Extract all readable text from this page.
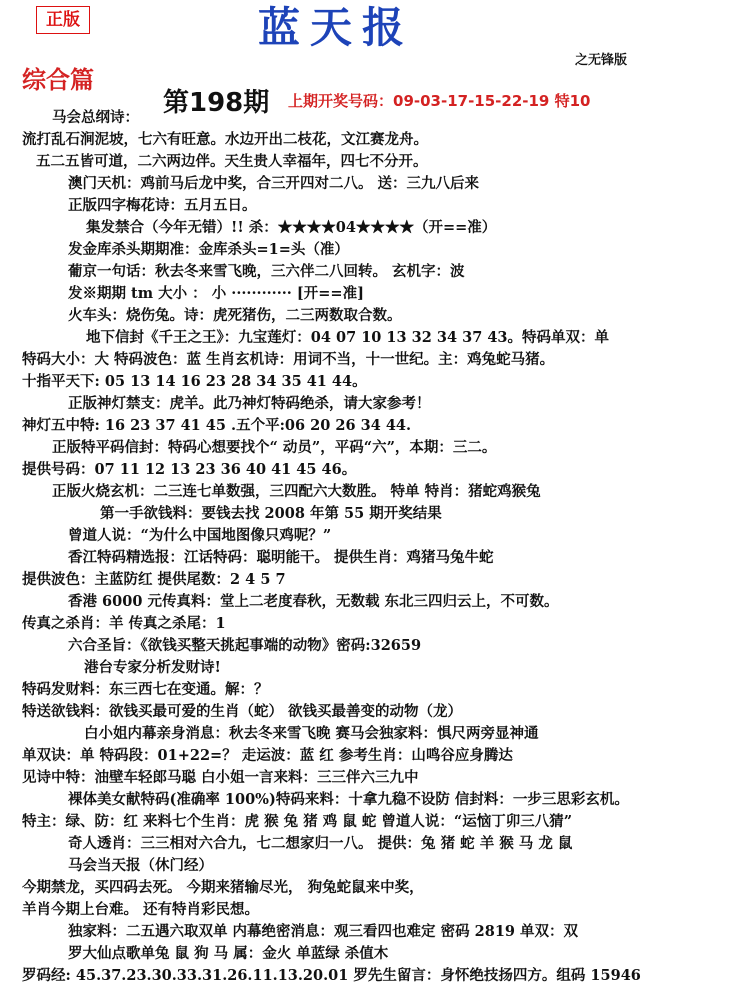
正版	蓝天报
之无锋版
综合篇
第198期 上期开奖号码：09-03-17-15-22-19 特10
马会总纲诗：
流打乱石涧泥坡，七六有旺意。水边开出二枝花，文江赛龙舟。
五二五皆可道，二六两边伴。天生贵人幸福年，四七不分开。
澳门天机：鸡前马后龙中奖，合三开四对二八。 送：三九八后来
正版四字梅花诗：五月五日。
集发禁合（今年无错）!! 杀：★★★★04★★★★（开==准）
发金库杀头期期准：金库杀头=1=头（准）
葡京一句话：秋去冬来雪飞晚，三六伴二八回转。 玄机字：波
发※期期 tm 大小 ： 小 ············ [开==准]
火车头：烧伤兔。诗：虎死猪伤，二三两数取合数。
地下信封《千王之王》：九宝莲灯：04 07 10 13 32 34 37 43。特码单双：单
特码大小：大 特码波色：蓝 生肖玄机诗：用词不当，十一世纪。主：鸡兔蛇马猪。
十指平天下: 05 13 14 16 23 28 34 35 41 44。
正版神灯禁支：虎羊。此乃神灯特码绝杀，请大家参考！
神灯五中特: 16 23 37 41 45 .五个平:06 20 26 34 44.
正版特平码信封：特码心想要找个“ 动员”，平码“六”，本期：三二。
提供号码：07 11 12 13 23 36 40 41 45 46。
正版火烧玄机：二三连七单数强，三四配六大数胜。 特单 特肖：猪蛇鸡猴兔
第一手欲钱料：要钱去找 2008 年第 55 期开奖结果
曾道人说：“为什么中国地图像只鸡呢？”
香江特码精选报：江话特码：聪明能干。 提供生肖：鸡猪马兔牛蛇
提供波色：主蓝防红 提供尾数：2 4 5 7
香港 6000 元传真料：堂上二老度春秋，无数载 东北三四归云上，不可数。
传真之杀肖：羊 传真之杀尾：1
六合圣旨：《欲钱买整天挑起事端的动物》密码:32659
港台专家分析发财诗!
特码发财料：东三西七在变通。解：？
特送欲钱料：欲钱买最可爱的生肖（蛇） 欲钱买最善变的动物（龙）
白小姐内幕亲身消息：秋去冬来雪飞晚 赛马会独家料：惧尺两旁显神通
单双诀：单 特码段：01+22=？ 走运波：蓝 红 参考生肖：山鸣谷应身腾达
见诗中特：油壁车轻郎马聪 白小姐一言来料：三三伴六三九中
裸体美女献特码(准确率 100%)特码来料：十拿九稳不设防 信封料：一步三思彩玄机。
特主：绿、防：红 来料七个生肖：虎 猴 兔 猪 鸡 鼠 蛇 曾道人说：“运恼丁卯三八猜”
奇人透肖：三三相对六合九，七二想家归一八。 提供：兔 猪 蛇 羊 猴 马 龙 鼠
马会当天报（休门经）
今期禁龙，买四码去死。 今期来猪输尽光， 狗兔蛇鼠来中奖，
羊肖今期上台难。 还有特肖彩民想。
独家料：二五遇六取双单 内幕绝密消息：观三看四也难定 密码 2819 单双：双
罗大仙点歌单兔 鼠 狗 马 属：金火 单蓝绿 杀值木
罗码经: 45.37.23.30.33.31.26.11.13.20.01 罗先生留言：身怀绝技扬四方。组码 15946
